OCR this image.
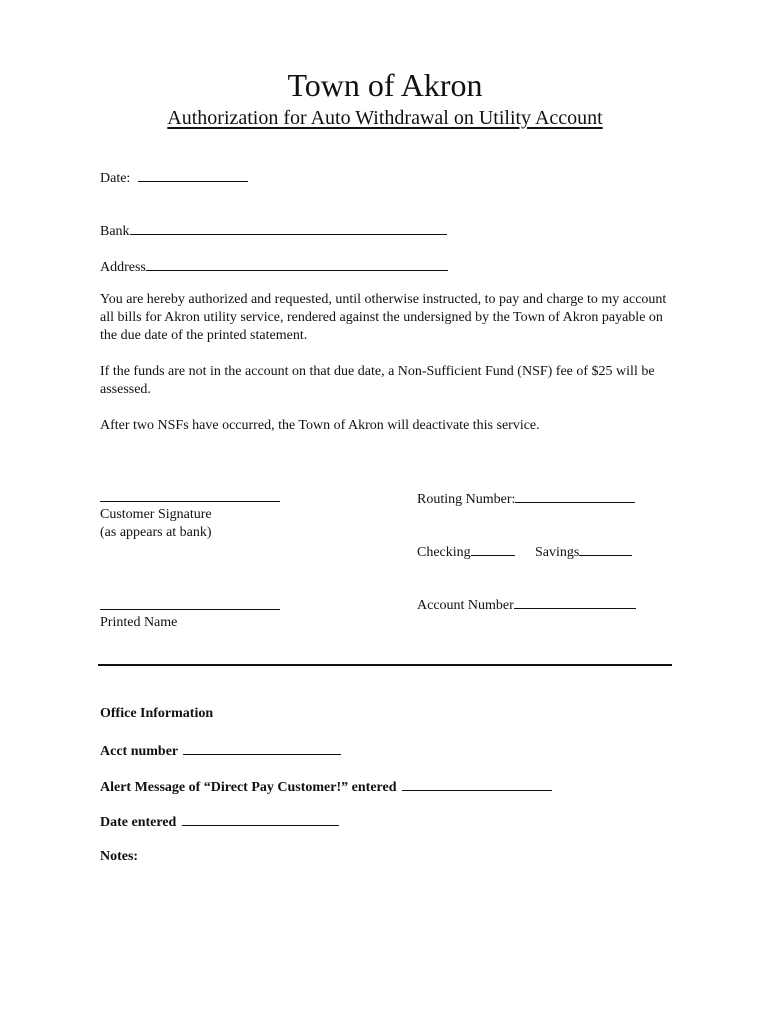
Town of Akron
Authorization for Auto Withdrawal on Utility Account
Date:
Bank
Address
You are hereby authorized and requested, until otherwise instructed, to pay and charge to my account all bills for Akron utility service, rendered against the undersigned by the Town of Akron payable on the due date of the printed statement.
If the funds are not in the account on that due date, a Non-Sufficient Fund (NSF) fee of $25 will be assessed.
After two NSFs have occurred, the Town of Akron will deactivate this service.
Customer Signature
(as appears at bank)
Printed Name
Routing Number:
Checking	Savings
Account Number
Office Information
Acct number
Alert Message of “Direct Pay Customer!” entered
Date entered
Notes:
